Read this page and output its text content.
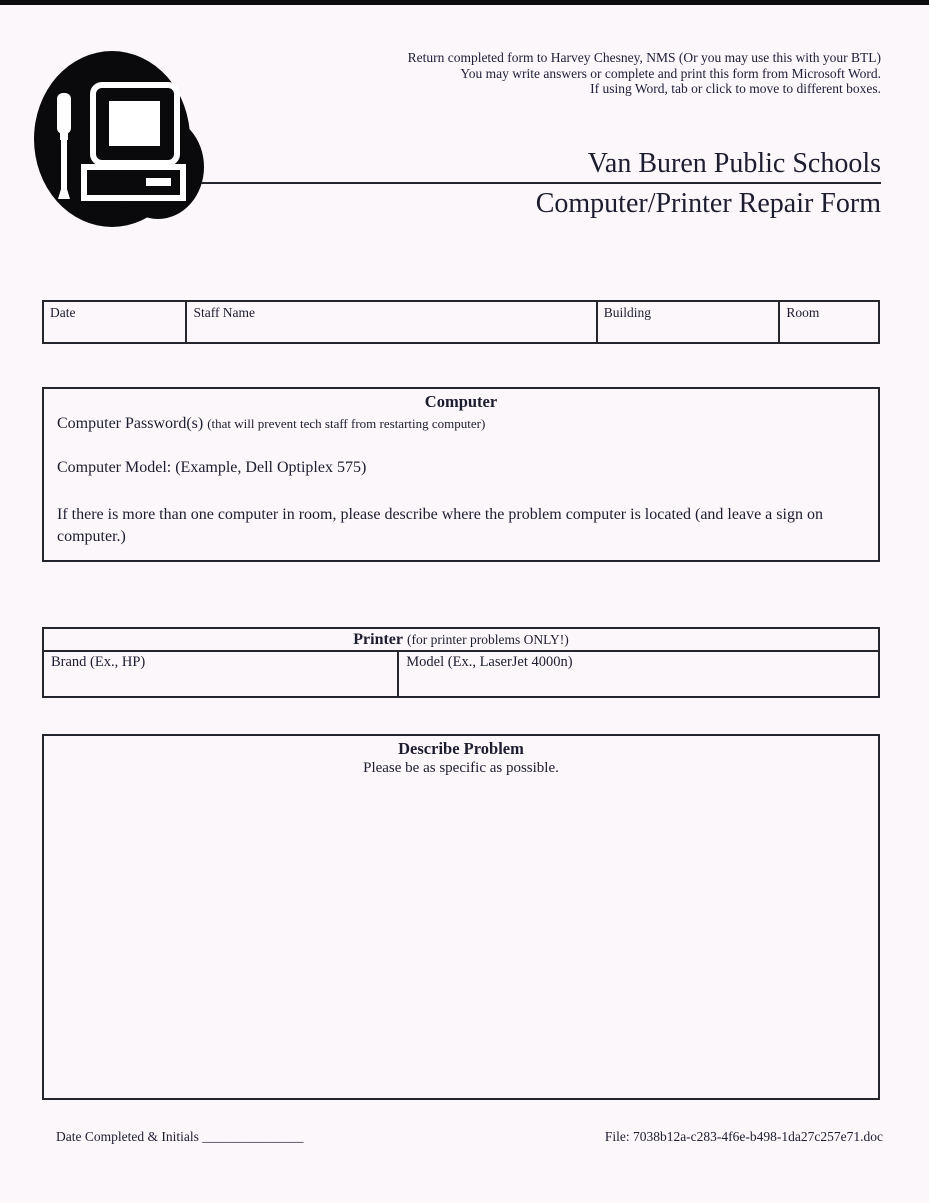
Return completed form to Harvey Chesney, NMS (Or you may use this with your BTL)
You may write answers or complete and print this form from Microsoft Word.
If using Word, tab or click to move to different boxes.
Van Buren Public Schools
Computer/Printer Repair Form
Date	Staff Name	Building	Room
Computer
Computer Password(s) (that will prevent tech staff from restarting computer)
Computer Model: (Example, Dell Optiplex 575)
If there is more than one computer in room, please describe where the problem computer is located (and leave a sign on computer.)
Printer (for printer problems ONLY!)
Brand (Ex., HP)	Model (Ex., LaserJet 4000n)
Describe Problem
Please be as specific as possible.
Date Completed & Initials _______________	File: 7038b12a-c283-4f6e-b498-1da27c257e71.doc
